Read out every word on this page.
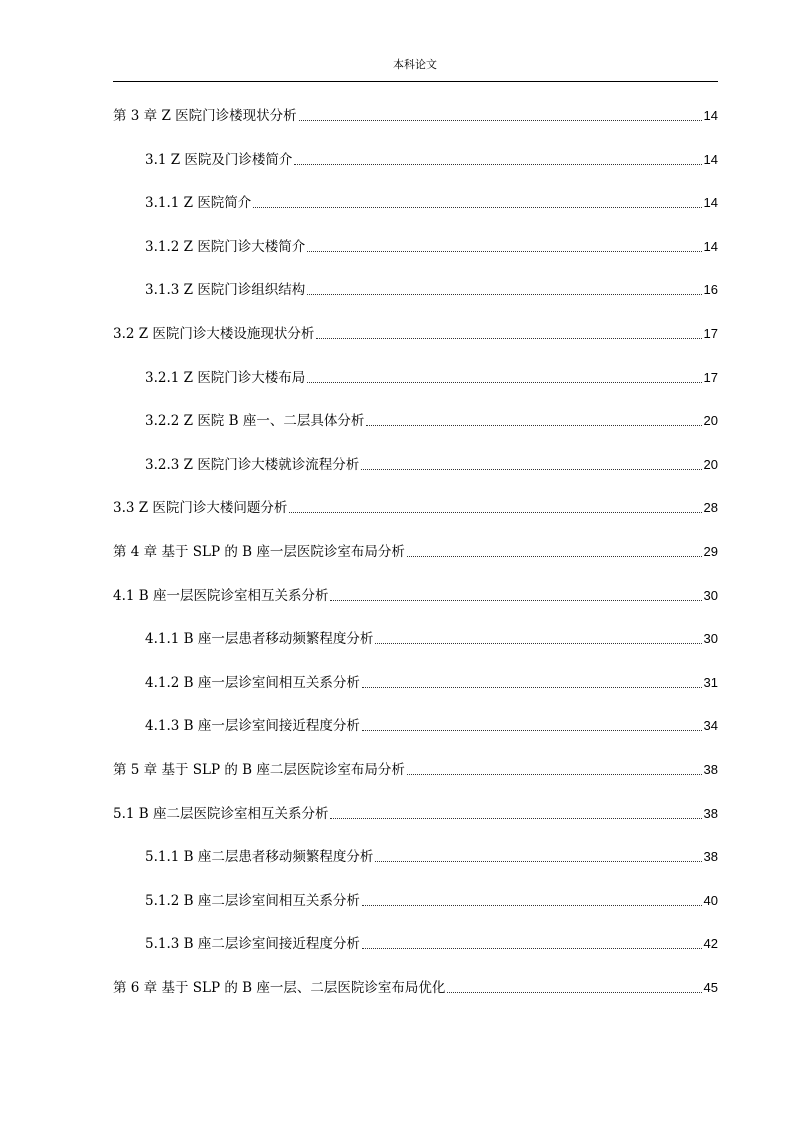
本科论文
第 3 章 Z 医院门诊楼现状分析	14
3.1 Z 医院及门诊楼简介	14
3.1.1 Z 医院简介	14
3.1.2 Z 医院门诊大楼简介	14
3.1.3 Z 医院门诊组织结构	16
3.2 Z 医院门诊大楼设施现状分析	17
3.2.1 Z 医院门诊大楼布局	17
3.2.2 Z 医院 B 座一、二层具体分析	20
3.2.3 Z 医院门诊大楼就诊流程分析	20
3.3 Z 医院门诊大楼问题分析	28
第 4 章 基于 SLP 的 B 座一层医院诊室布局分析	29
4.1 B 座一层医院诊室相互关系分析	30
4.1.1 B 座一层患者移动频繁程度分析	30
4.1.2 B 座一层诊室间相互关系分析	31
4.1.3 B 座一层诊室间接近程度分析	34
第 5 章 基于 SLP 的 B 座二层医院诊室布局分析	38
5.1 B 座二层医院诊室相互关系分析	38
5.1.1 B 座二层患者移动频繁程度分析	38
5.1.2 B 座二层诊室间相互关系分析	40
5.1.3 B 座二层诊室间接近程度分析	42
第 6 章 基于 SLP 的 B 座一层、二层医院诊室布局优化	45
